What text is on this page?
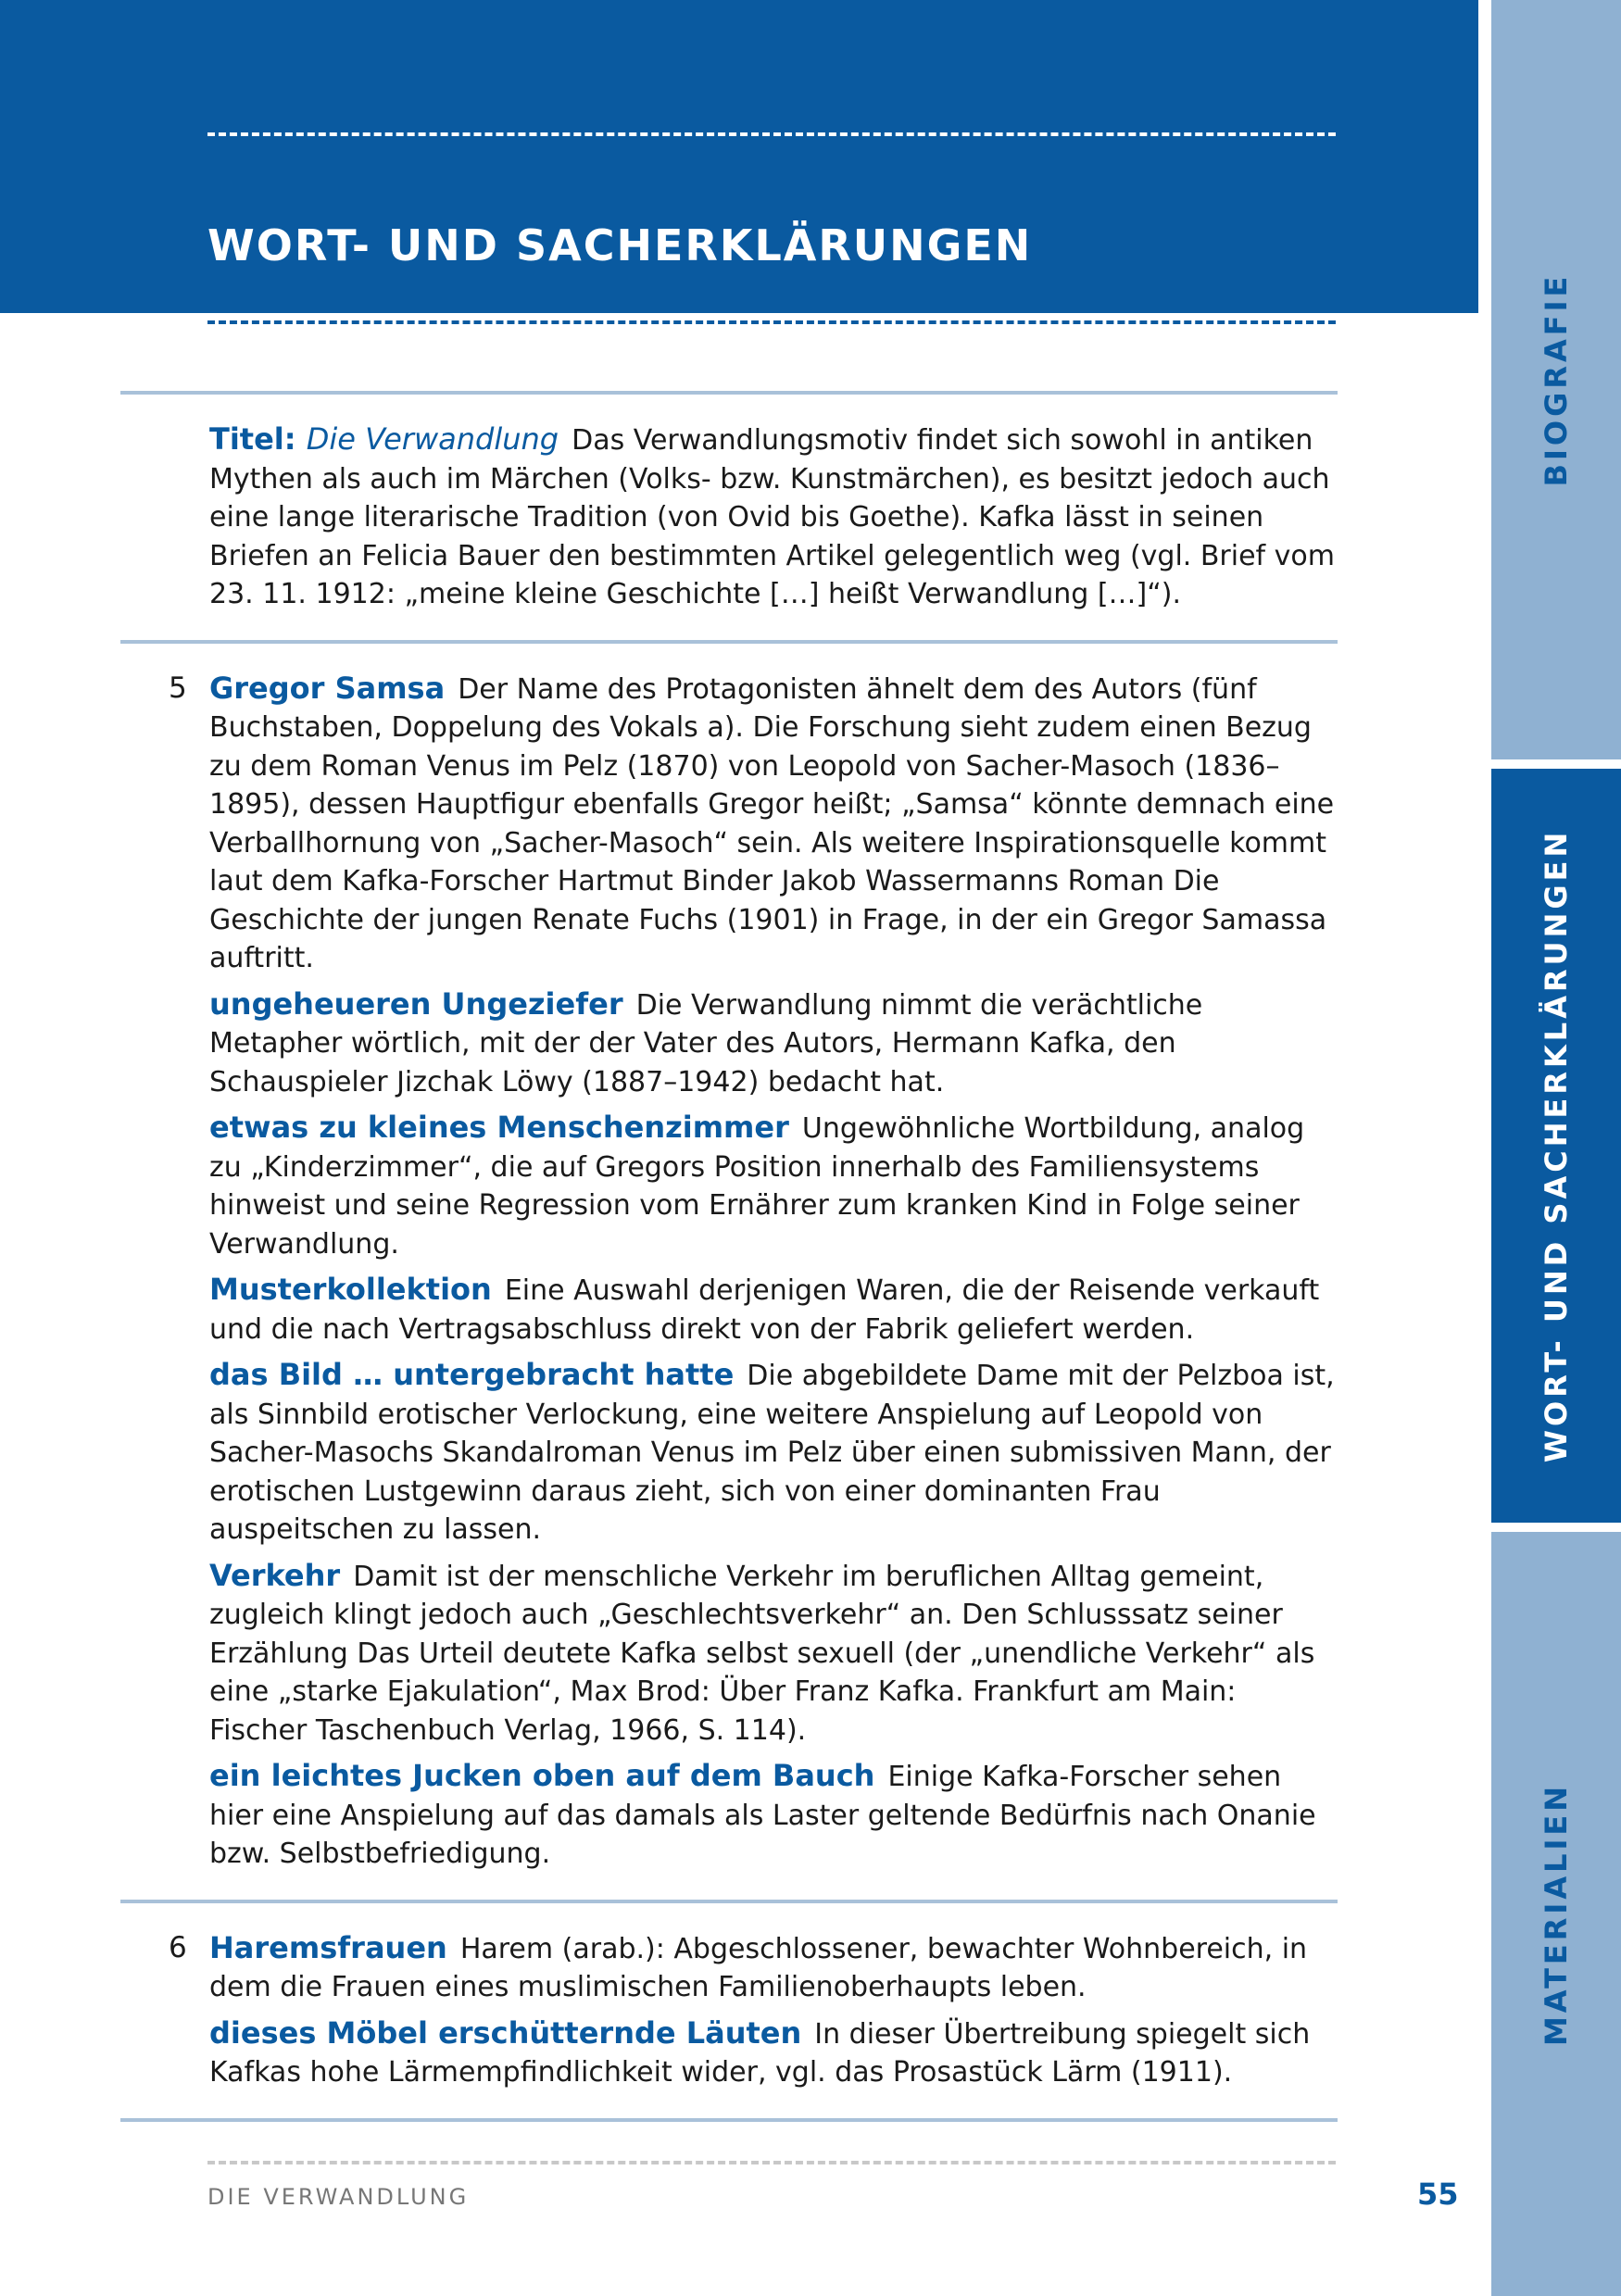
WORT- UND SACHERKLÄRUNGEN
BIOGRAFIE
WORT- UND SACHERKLÄRUNGEN
MATERIALIEN

Titel: Die Verwandlung Das Verwandlungsmotiv findet sich sowohl in antiken Mythen als auch im Märchen (Volks- bzw. Kunstmärchen), es besitzt jedoch auch eine lange literarische Tradition (von Ovid bis Goethe). Kafka lässt in seinen Briefen an Felicia Bauer den bestimmten Artikel gelegentlich weg (vgl. Brief vom 23. 11. 1912: „meine kleine Geschichte […] heißt Verwandlung […]“).

5 Gregor Samsa Der Name des Protagonisten ähnelt dem des Autors (fünf Buchstaben, Doppelung des Vokals a). Die Forschung sieht zudem einen Bezug zu dem Roman Venus im Pelz (1870) von Leopold von Sacher-Masoch (1836–1895), dessen Hauptfigur ebenfalls Gregor heißt; „Samsa“ könnte demnach eine Verballhornung von „Sacher-Masoch“ sein. Als weitere Inspirationsquelle kommt laut dem Kafka-Forscher Hartmut Binder Jakob Wassermanns Roman Die Geschichte der jungen Renate Fuchs (1901) in Frage, in der ein Gregor Samassa auftritt.

ungeheueren Ungeziefer Die Verwandlung nimmt die verächtliche Metapher wörtlich, mit der der Vater des Autors, Hermann Kafka, den Schauspieler Jizchak Löwy (1887–1942) bedacht hat.

etwas zu kleines Menschenzimmer Ungewöhnliche Wortbildung, analog zu „Kinderzimmer“, die auf Gregors Position innerhalb des Familiensystems hinweist und seine Regression vom Ernährer zum kranken Kind in Folge seiner Verwandlung.

Musterkollektion Eine Auswahl derjenigen Waren, die der Reisende verkauft und die nach Vertragsabschluss direkt von der Fabrik geliefert werden.

das Bild … untergebracht hatte Die abgebildete Dame mit der Pelzboa ist, als Sinnbild erotischer Verlockung, eine weitere Anspielung auf Leopold von Sacher-Masochs Skandalroman Venus im Pelz über einen submissiven Mann, der erotischen Lustgewinn daraus zieht, sich von einer dominanten Frau auspeitschen zu lassen.

Verkehr Damit ist der menschliche Verkehr im beruflichen Alltag gemeint, zugleich klingt jedoch auch „Geschlechtsverkehr“ an. Den Schlusssatz seiner Erzählung Das Urteil deutete Kafka selbst sexuell (der „unendliche Verkehr“ als eine „starke Ejakulation“, Max Brod: Über Franz Kafka. Frankfurt am Main: Fischer Taschenbuch Verlag, 1966, S. 114).

ein leichtes Jucken oben auf dem Bauch Einige Kafka-Forscher sehen hier eine Anspielung auf das damals als Laster geltende Bedürfnis nach Onanie bzw. Selbstbefriedigung.

6 Haremsfrauen Harem (arab.): Abgeschlossener, bewachter Wohnbereich, in dem die Frauen eines muslimischen Familienoberhaupts leben.

dieses Möbel erschütternde Läuten In dieser Übertreibung spiegelt sich Kafkas hohe Lärmempfindlichkeit wider, vgl. das Prosastück Lärm (1911).

DIE VERWANDLUNG	55
